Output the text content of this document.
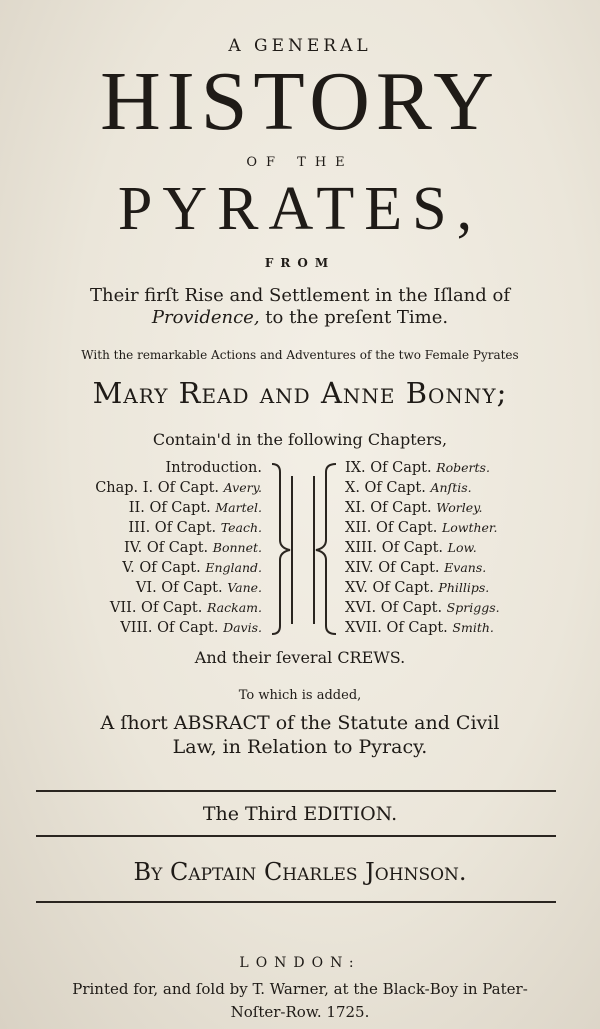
A GENERAL
HISTORY
OF THE
PYRATES,
FROM
Their firſt Rise and Settlement in the Iſland of
Providence, to the preſent Time.
With the remarkable Actions and Adventures of the two Female Pyrates
Mary Read and Anne Bonny;
Contain'd in the following Chapters,
Introduction.
Chap. I. Of Capt. Avery.
II. Of Capt. Martel.
III. Of Capt. Teach.
IV. Of Capt. Bonnet.
V. Of Capt. England.
VI. Of Capt. Vane.
VII. Of Capt. Rackam.
VIII. Of Capt. Davis.
IX. Of Capt. Roberts.
X. Of Capt. Anſtis.
XI. Of Capt. Worley.
XII. Of Capt. Lowther.
XIII. Of Capt. Low.
XIV. Of Capt. Evans.
XV. Of Capt. Phillips.
XVI. Of Capt. Spriggs.
XVII. Of Capt. Smith.
And their ſeveral CREWS.
To which is added,
A ſhort ABSRACT of the Statute and Civil
Law, in Relation to Pyracy.
The Third EDITION.
By Captain Charles Johnson.
LONDON:
Printed for, and ſold by T. Warner, at the Black-Boy in Pater-
Noſter-Row. 1725.
